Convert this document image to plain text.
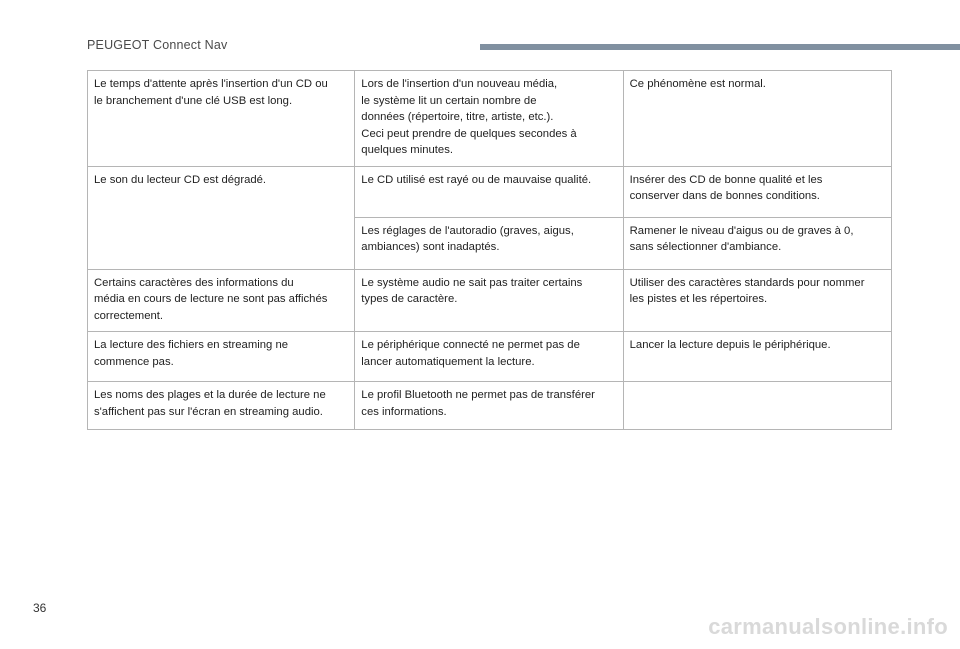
PEUGEOT Connect Nav
Le temps d'attente après l'insertion d'un CD ou
le branchement d'une clé USB est long.	Lors de l'insertion d'un nouveau média,
le système lit un certain nombre de
données (répertoire, titre, artiste, etc.).
Ceci peut prendre de quelques secondes à
quelques minutes.	Ce phénomène est normal.
Le son du lecteur CD est dégradé.	Le CD utilisé est rayé ou de mauvaise qualité.	Insérer des CD de bonne qualité et les
conserver dans de bonnes conditions.
	Les réglages de l'autoradio (graves, aigus,
ambiances) sont inadaptés.	Ramener le niveau d'aigus ou de graves à 0,
sans sélectionner d'ambiance.
Certains caractères des informations du
média en cours de lecture ne sont pas affichés
correctement.	Le système audio ne sait pas traiter certains
types de caractère.	Utiliser des caractères standards pour nommer
les pistes et les répertoires.
La lecture des fichiers en streaming ne
commence pas.	Le périphérique connecté ne permet pas de
lancer automatiquement la lecture.	Lancer la lecture depuis le périphérique.
Les noms des plages et la durée de lecture ne
s'affichent pas sur l'écran en streaming audio.	Le profil Bluetooth ne permet pas de transférer
ces informations.	
36
carmanualsonline.info
